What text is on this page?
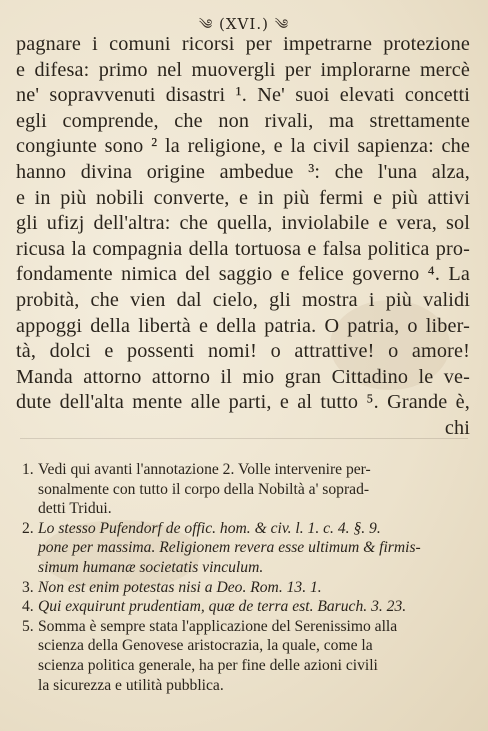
༄ (XVI.) ༄
pagnare i comuni ricorsi per impetrarne protezione
e difesa: primo nel muovergli per implorarne mercè
ne' sopravvenuti disastri ¹. Ne' suoi elevati concetti
egli comprende, che non rivali, ma strettamente
congiunte sono ² la religione, e la civil sapienza: che
hanno divina origine ambedue ³: che l'una alza,
e in più nobili converte, e in più fermi e più attivi
gli ufizj dell'altra: che quella, inviolabile e vera, sol
ricusa la compagnia della tortuosa e falsa politica pro-
fondamente nimica del saggio e felice governo ⁴. La
probità, che vien dal cielo, gli mostra i più validi
appoggi della libertà e della patria. O patria, o liber-
tà, dolci e possenti nomi! o attrattive! o amore!
Manda attorno attorno il mio gran Cittadino le ve-
dute dell'alta mente alle parti, e al tutto ⁵. Grande è,
chi
1. Vedi qui avanti l'annotazione 2. Volle intervenire per-
sonalmente con tutto il corpo della Nobiltà a' soprad-
detti Tridui.
2. Lo stesso Pufendorf de offic. hom. & civ. l. 1. c. 4. §. 9.
pone per massima. Religionem revera esse ultimum & firmis-
simum humanæ societatis vinculum.
3. Non est enim potestas nisi a Deo. Rom. 13. 1.
4. Qui exquirunt prudentiam, quæ de terra est. Baruch. 3. 23.
5. Somma è sempre stata l'applicazione del Serenissimo alla
scienza della Genovese aristocrazia, la quale, come la
scienza politica generale, ha per fine delle azioni civili
la sicurezza e utilità pubblica.
